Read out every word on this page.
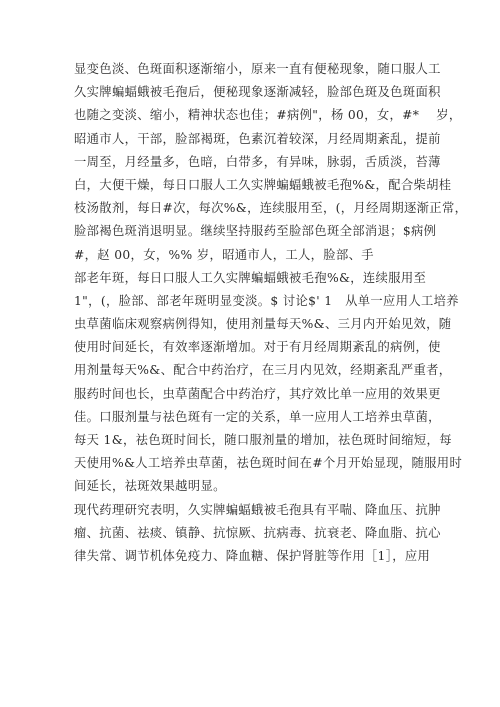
显变色淡、色斑面积逐渐缩小，原来一直有便秘现象，随口服人工
久实牌蝙蝠蛾被毛孢后，便秘现象逐渐减轻，脸部色斑及色斑面积
也随之变淡、缩小，精神状态也佳；#病例"，杨 00，女，#*　 岁，
昭通市人，干部，脸部褐斑，色素沉着较深，月经周期紊乱，提前
一周至，月经量多，色暗，白带多，有异味，脉弱，舌质淡，苔薄
白，大便干燥，每日口服人工久实牌蝙蝠蛾被毛孢%&，配合柴胡桂
枝汤散剂，每日#次，每次%&，连续服用至，(，月经周期逐渐正常，
脸部褐色斑消退明显。继续坚持服药至脸部色斑全部消退；$病例
#，赵 00，女，%% 岁，昭通市人，工人，脸部、手
部老年斑，每日口服人工久实牌蝙蝠蛾被毛孢%&，连续服用至
1"，(，脸部、部老年斑明显变淡。$ 讨论$' 1　从单一应用人工培养
虫草菌临床观察病例得知，使用剂量每天%&、三月内开始见效，随
使用时间延长，有效率逐渐增加。对于有月经周期紊乱的病例，使
用剂量每天%&、配合中药治疗，在三月内见效，经期紊乱严重者，
服药时间也长，虫草菌配合中药治疗，其疗效比单一应用的效果更
佳。口服剂量与祛色斑有一定的关系，单一应用人工培养虫草菌，
每天 1&，祛色斑时间长，随口服剂量的增加，祛色斑时间缩短，每
天使用%&人工培养虫草菌，祛色斑时间在#个月开始显现，随服用时
间延长，祛斑效果越明显。
现代药理研究表明，久实牌蝙蝠蛾被毛孢具有平喘、降血压、抗肿
瘤、抗菌、祛痰、镇静、抗惊厥、抗病毒、抗衰老、降血脂、抗心
律失常、调节机体免疫力、降血糖、保护肾脏等作用［1］，应用
